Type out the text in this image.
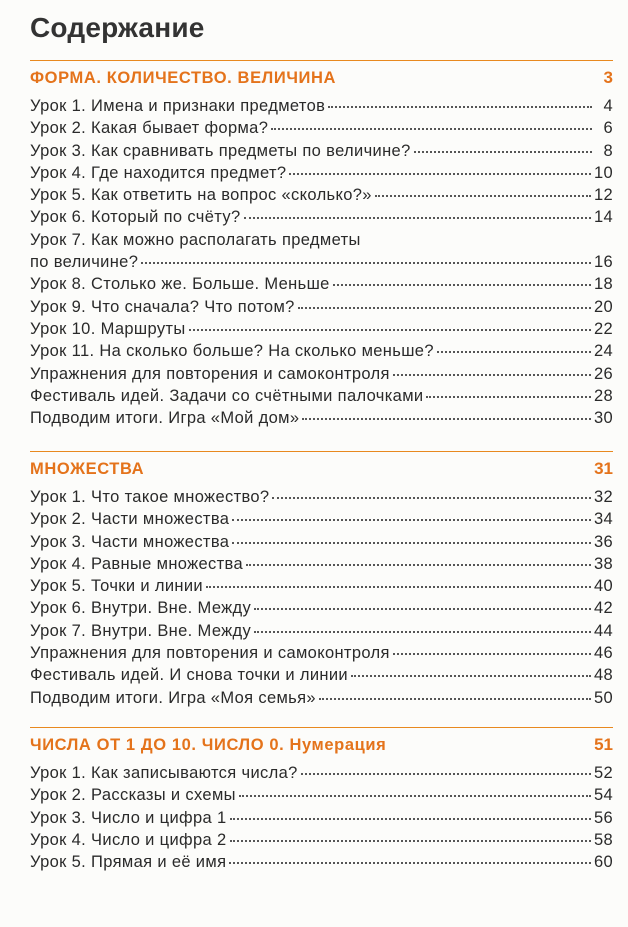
Содержание
ФОРМА. КОЛИЧЕСТВО. ВЕЛИЧИНА	3
Урок 1. Имена и признаки предметов	4
Урок 2. Какая бывает форма?	6
Урок 3. Как сравнивать предметы по величине?	8
Урок 4. Где находится предмет?	10
Урок 5. Как ответить на вопрос «сколько?»	12
Урок 6. Который по счёту?	14
Урок 7. Как можно располагать предметы
по величине?	16
Урок 8. Столько же. Больше. Меньше	18
Урок 9. Что сначала? Что потом?	20
Урок 10. Маршруты	22
Урок 11. На сколько больше? На сколько меньше?	24
Упражнения для повторения и самоконтроля	26
Фестиваль идей. Задачи со счётными палочками	28
Подводим итоги. Игра «Мой дом»	30
МНОЖЕСТВА	31
Урок 1. Что такое множество?	32
Урок 2. Части множества	34
Урок 3. Части множества	36
Урок 4. Равные множества	38
Урок 5. Точки и линии	40
Урок 6. Внутри. Вне. Между	42
Урок 7. Внутри. Вне. Между	44
Упражнения для повторения и самоконтроля	46
Фестиваль идей. И снова точки и линии	48
Подводим итоги. Игра «Моя семья»	50
ЧИСЛА ОТ 1 ДО 10. ЧИСЛО 0. Нумерация	51
Урок 1. Как записываются числа?	52
Урок 2. Рассказы и схемы	54
Урок 3. Число и цифра 1	56
Урок 4. Число и цифра 2	58
Урок 5. Прямая и её имя	60
